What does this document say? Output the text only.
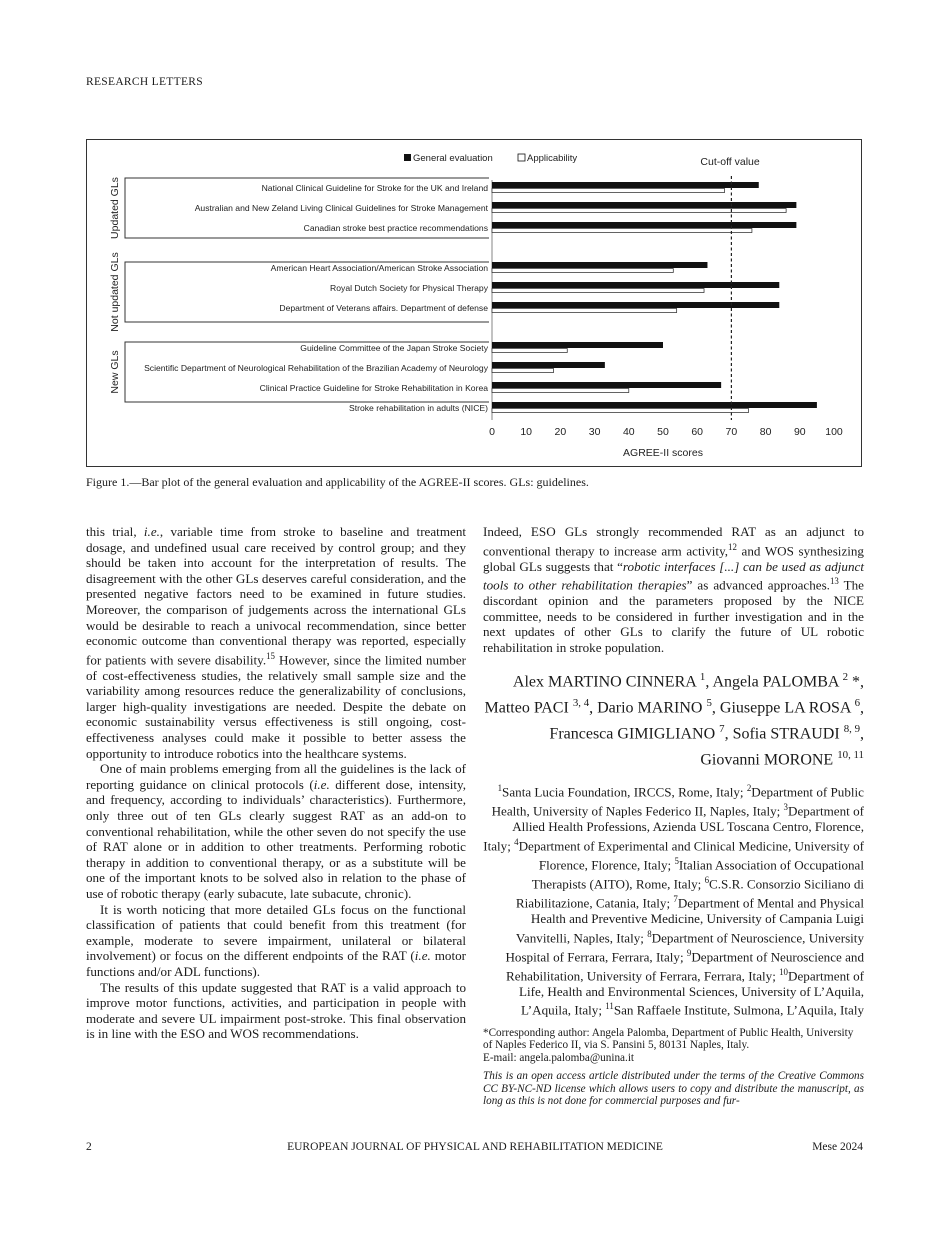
RESEARCH LETTERS
General evaluation	Applicability	Cut-off value
Updated GLs	National Clinical Guideline for Stroke for the UK and Ireland
Australian and New Zeland Living Clinical Guidelines for Stroke Management
Canadian stroke best practice recommendations
Not updated GLs	American Heart Association/American Stroke Association
Royal Dutch Society for Physical Therapy
Department of Veterans affairs. Department of defense
New GLs
Guideline Committee of the Japan Stroke Society
Scientific Department of Neurological Rehabilitation of the Brazilian Academy of Neurology
Clinical Practice Guideline for Stroke Rehabilitation in Korea
Stroke rehabilitation in adults (NICE)
0 10 20 30 40 50 60 70 80 90 100
AGREE-II scores
Figure 1.—Bar plot of the general evaluation and applicability of the AGREE-II scores. GLs: guidelines.

this trial, i.e., variable time from stroke to baseline and treatment dosage, and undefined usual care received by control group; and they should be taken into account for the interpretation of results. The disagreement with the other GLs deserves careful consideration, and the presented negative factors need to be examined in future studies. Moreover, the comparison of judgements across the international GLs would be desirable to reach a univocal recommendation, since better economic outcome than conventional therapy was reported, especially for patients with severe disability.$^{15}$ However, since the limited number of cost-effectiveness studies, the relatively small sample size and the variability among resources reduce the generalizability of conclusions, larger high-quality investigations are needed. Despite the debate on economic sustainability versus effectiveness is still ongoing, cost-effectiveness analyses could make it possible to better assess the opportunity to introduce robotics into the healthcare systems.

One of main problems emerging from all the guidelines is the lack of reporting guidance on clinical protocols (i.e. different dose, intensity, and frequency, according to individuals’ characteristics). Furthermore, only three out of ten GLs clearly suggest RAT as an add-on to conventional rehabilitation, while the other seven do not specify the use of RAT alone or in addition to other treatments. Performing robotic therapy in addition to conventional therapy, or as a substitute will be one of the important knots to be solved also in relation to the phase of use of robotic therapy (early subacute, late subacute, chronic).

It is worth noticing that more detailed GLs focus on the functional classification of patients that could benefit from this treatment (for example, moderate to severe impairment, unilateral or bilateral involvement) or focus on the different endpoints of the RAT (i.e. motor functions and/or ADL functions).

The results of this update suggested that RAT is a valid approach to improve motor functions, activities, and participation in people with moderate and severe UL impairment post-stroke. This final observation is in line with the ESO and WOS recommendations.

Indeed, ESO GLs strongly recommended RAT as an adjunct to conventional therapy to increase arm activity,$^{12}$ and WOS synthesizing global GLs suggests that “robotic interfaces [...] can be used as adjunct tools to other rehabilitation therapies” as advanced approaches.$^{13}$ The discordant opinion and the parameters proposed by the NICE committee, needs to be considered in further investigation and in the next updates of other GLs to clarify the future of UL robotic rehabilitation in stroke population.

Alex MARTINO CINNERA $^1$, Angela PALOMBA $^2$ *,
Matteo PACI $^{3, 4}$, Dario MARINO $^5$, Giuseppe LA ROSA $^6$,
Francesca GIMIGLIANO $^7$, Sofia STRAUDI $^{8, 9}$,
Giovanni MORONE $^{10, 11}$

$^1$Santa Lucia Foundation, IRCCS, Rome, Italy; $^2$Department of Public Health, University of Naples Federico II, Naples, Italy; $^3$Department of Allied Health Professions, Azienda USL Toscana Centro, Florence, Italy; $^4$Department of Experimental and Clinical Medicine, University of Florence, Florence, Italy; $^5$Italian Association of Occupational Therapists (AITO), Rome, Italy; $^6$C.S.R. Consorzio Siciliano di Riabilitazione, Catania, Italy; $^7$Department of Mental and Physical Health and Preventive Medicine, University of Campania Luigi Vanvitelli, Naples, Italy; $^8$Department of Neuroscience, University Hospital of Ferrara, Ferrara, Italy; $^9$Department of Neuroscience and Rehabilitation, University of Ferrara, Ferrara, Italy; $^{10}$Department of Life, Health and Environmental Sciences, University of L’Aquila, L’Aquila, Italy; $^{11}$San Raffaele Institute, Sulmona, L’Aquila, Italy

*Corresponding author: Angela Palomba, Department of Public Health, University of Naples Federico II, via S. Pansini 5, 80131 Naples, Italy.
E-mail: angela.palomba@unina.it

This is an open access article distributed under the terms of the Creative Commons CC BY-NC-ND license which allows users to copy and distribute the manuscript, as long as this is not done for commercial purposes and fur-

2	EUROPEAN JOURNAL OF PHYSICAL AND REHABILITATION MEDICINE	Mese 2024
